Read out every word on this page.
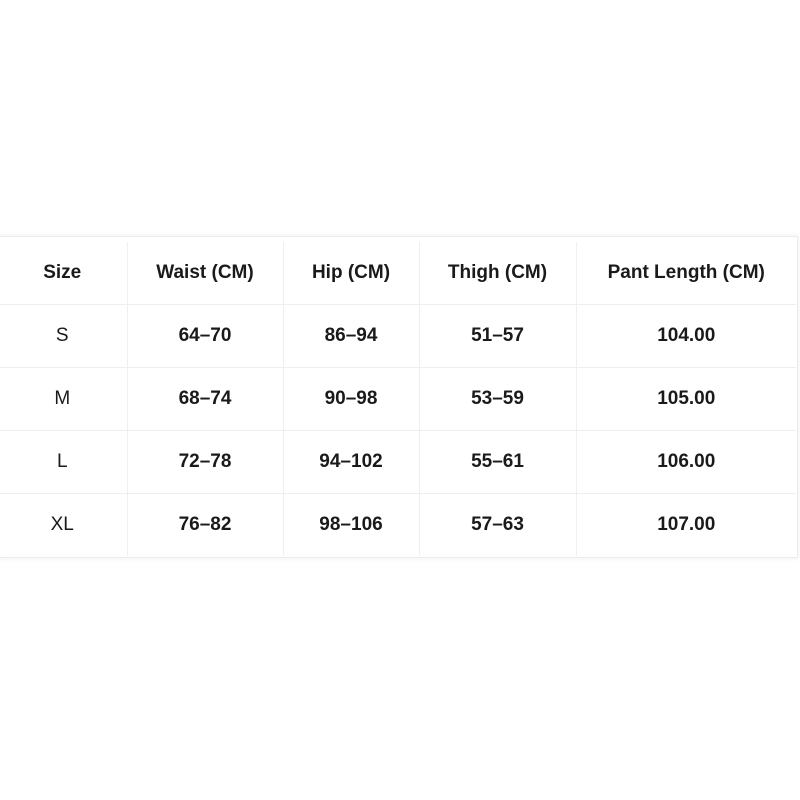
Size	Waist (CM)	Hip (CM)	Thigh (CM)	Pant Length (CM)
S	64–70	86–94	51–57	104.00
M	68–74	90–98	53–59	105.00
L	72–78	94–102	55–61	106.00
XL	76–82	98–106	57–63	107.00
